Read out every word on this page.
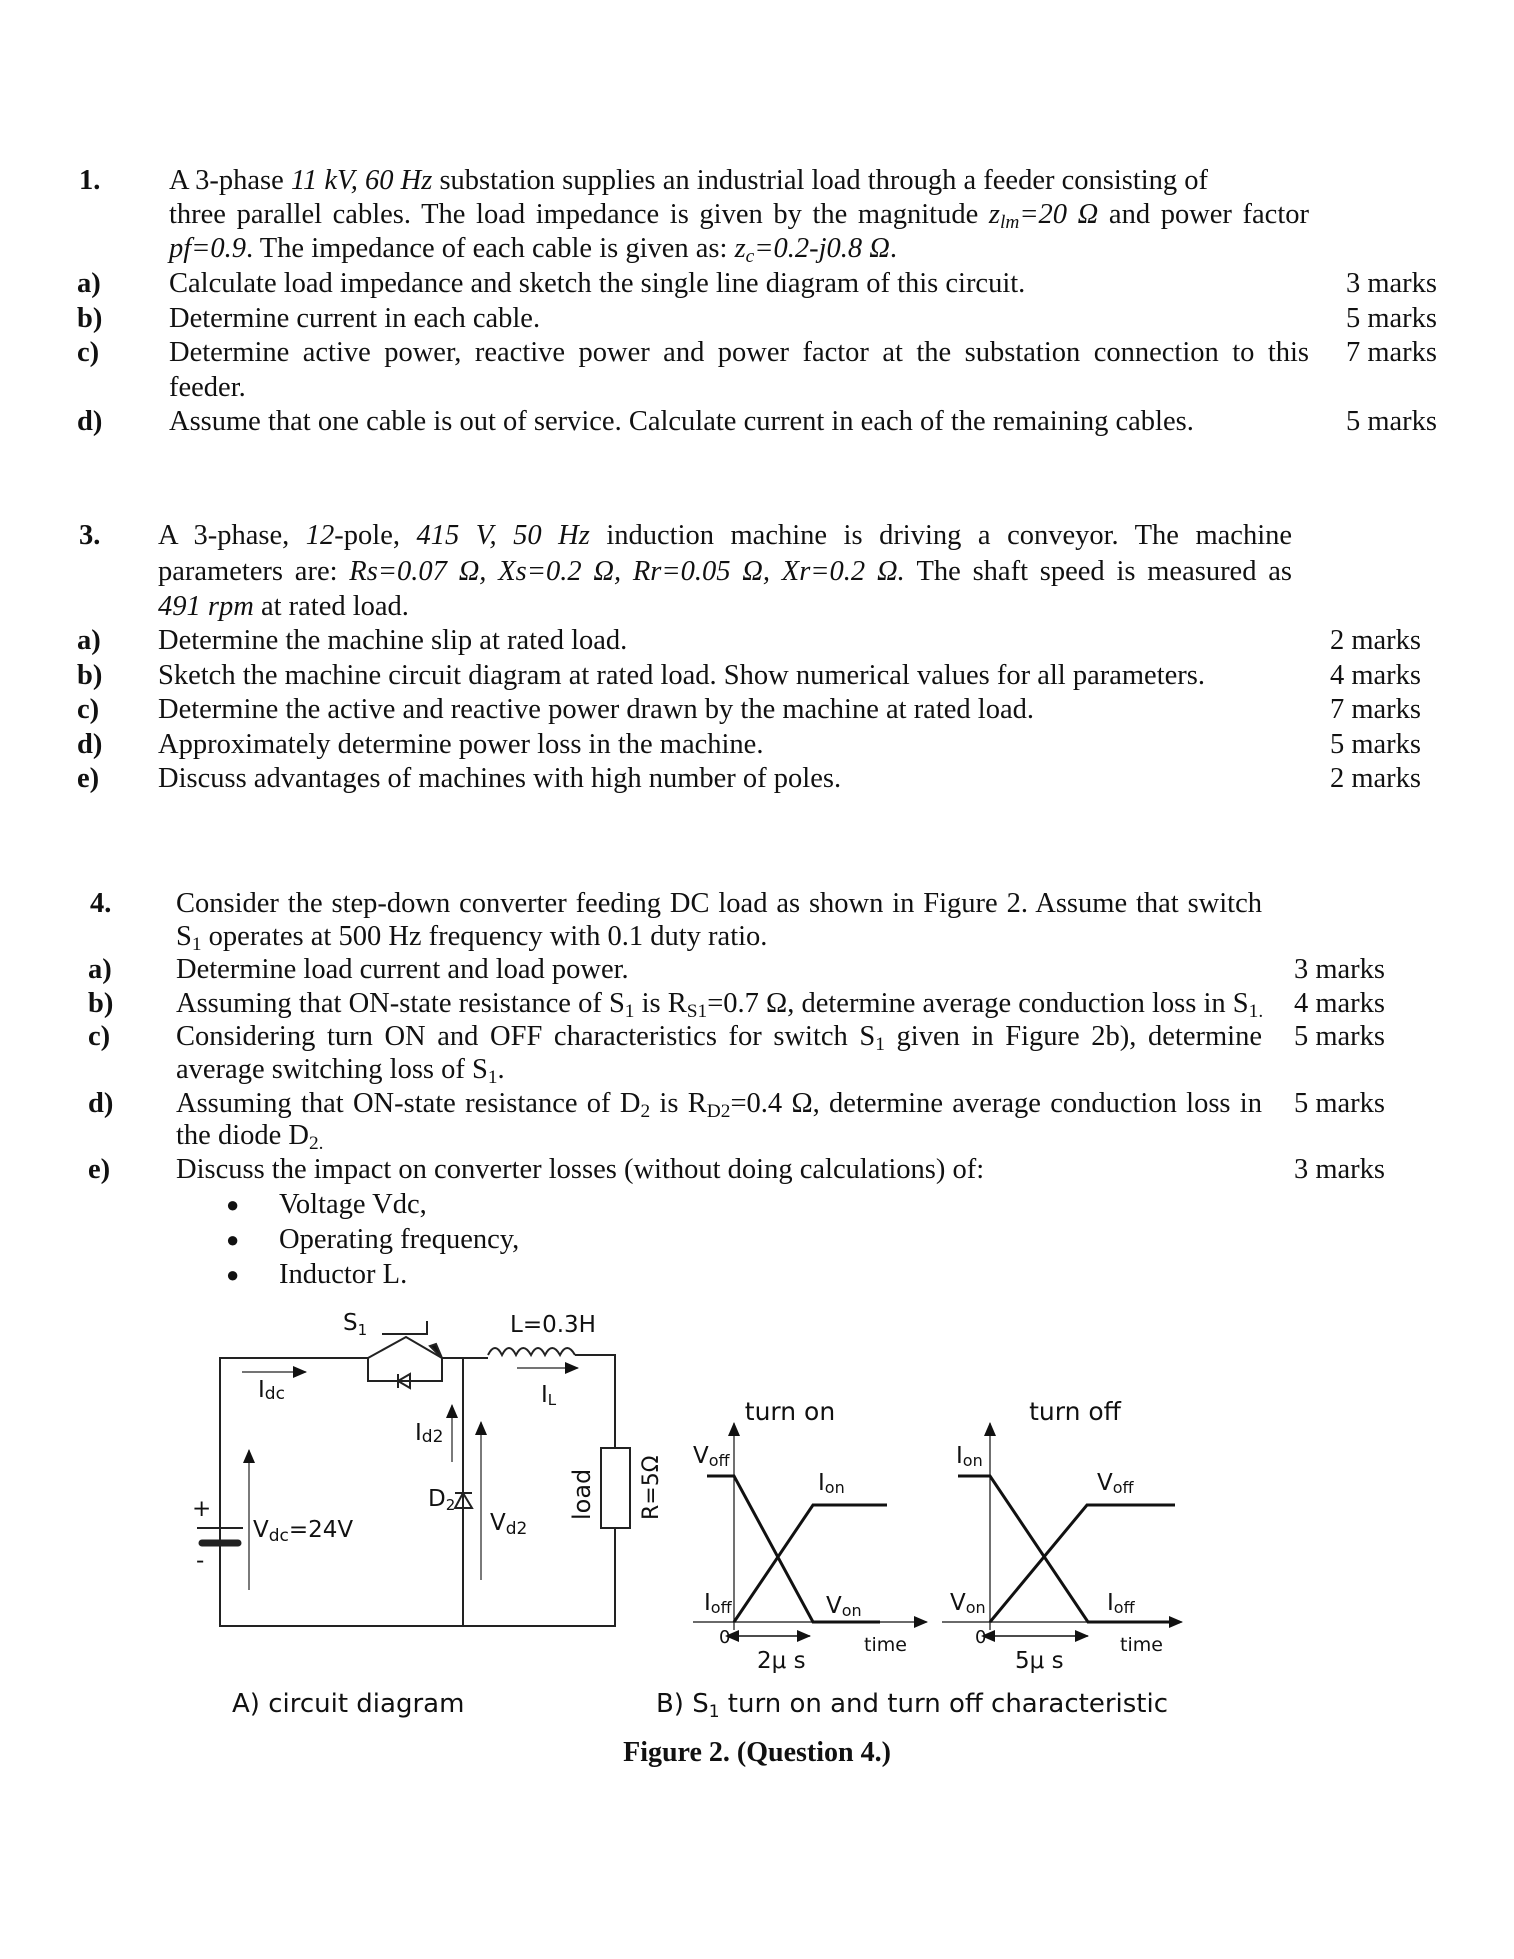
1. A 3-phase 11 kV, 60 Hz substation supplies an industrial load through a feeder consisting of
three parallel cables. The load impedance is given by the magnitude $z_{lm}=20$ Ω and power factor
pf=0.9. The impedance of each cable is given as: $z_c=0.2-j0.8$ Ω.
a) Calculate load impedance and sketch the single line diagram of this circuit.	3 marks
b) Determine current in each cable.	5 marks
c) Determine active power, reactive power and power factor at the substation connection to this 7 marks
feeder.
d) Assume that one cable is out of service. Calculate current in each of the remaining cables.	5 marks
3. A 3-phase, 12-pole, 415 V, 50 Hz induction machine is driving a conveyor. The machine
parameters are: Rs=0.07 Ω, Xs=0.2 Ω, Rr=0.05 Ω, Xr=0.2 Ω. The shaft speed is measured as
491 rpm at rated load.
a) Determine the machine slip at rated load.	2 marks
b) Sketch the machine circuit diagram at rated load. Show numerical values for all parameters.	4 marks
c) Determine the active and reactive power drawn by the machine at rated load.	7 marks
d) Approximately determine power loss in the machine.	5 marks
e) Discuss advantages of machines with high number of poles.	2 marks
4. Consider the step-down converter feeding DC load as shown in Figure 2. Assume that switch
$S_1$ operates at 500 Hz frequency with 0.1 duty ratio.
a) Determine load current and load power.	3 marks
b) Assuming that ON-state resistance of $S_1$ is $R_{S1}=0.7$ Ω, determine average conduction loss in $S_{1.}$ 4 marks
c) Considering turn ON and OFF characteristics for switch $S_1$ given in Figure 2b), determine 5 marks
average switching loss of $S_1$.
d) Assuming that ON-state resistance of $D_2$ is $R_{D2}=0.4$ Ω, determine average conduction loss in 5 marks
the diode $D_{2.}$
e) Discuss the impact on converter losses (without doing calculations) of:	3 marks
● Voltage Vdc,
● Operating frequency,
● Inductor L.
$S_1$	L=0.3H
Idc	IL
Id2
D2
Vd2
Vdc=24V
+
-
load R=5Ω
A) circuit diagram
turn on
Voff
Ion
Ioff	Von
0
2μ s
time
turn off
Ion
Voff
Von	Ioff
0
5μ s
time
B) S1 turn on and turn off characteristic
Figure 2. (Question 4.)
